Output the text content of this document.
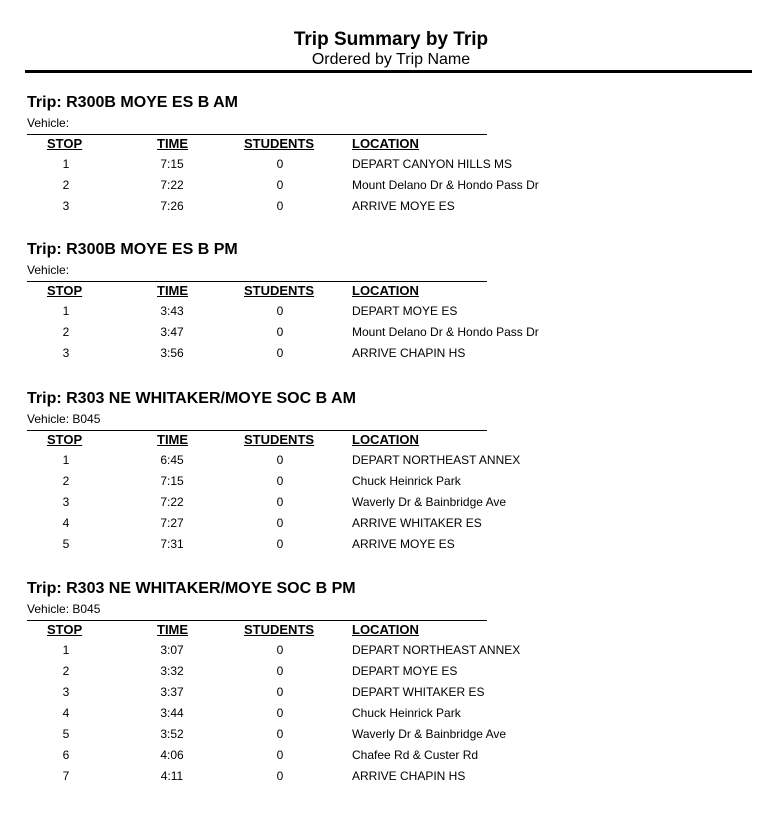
Trip Summary by Trip
Ordered by Trip Name
Trip: R300B MOYE ES B AM
Vehicle:
STOP	TIME	STUDENTS	LOCATION
1	7:15	0	DEPART CANYON HILLS MS
2	7:22	0	Mount Delano Dr & Hondo Pass Dr
3	7:26	0	ARRIVE MOYE ES
Trip: R300B MOYE ES B PM
Vehicle:
STOP	TIME	STUDENTS	LOCATION
1	3:43	0	DEPART MOYE ES
2	3:47	0	Mount Delano Dr & Hondo Pass Dr
3	3:56	0	ARRIVE CHAPIN HS
Trip: R303 NE WHITAKER/MOYE SOC B AM
Vehicle: B045
STOP	TIME	STUDENTS	LOCATION
1	6:45	0	DEPART NORTHEAST ANNEX
2	7:15	0	Chuck Heinrick Park
3	7:22	0	Waverly Dr & Bainbridge Ave
4	7:27	0	ARRIVE WHITAKER ES
5	7:31	0	ARRIVE MOYE ES
Trip: R303 NE WHITAKER/MOYE SOC B PM
Vehicle: B045
STOP	TIME	STUDENTS	LOCATION
1	3:07	0	DEPART NORTHEAST ANNEX
2	3:32	0	DEPART MOYE ES
3	3:37	0	DEPART WHITAKER ES
4	3:44	0	Chuck Heinrick Park
5	3:52	0	Waverly Dr & Bainbridge Ave
6	4:06	0	Chafee Rd & Custer Rd
7	4:11	0	ARRIVE CHAPIN HS
